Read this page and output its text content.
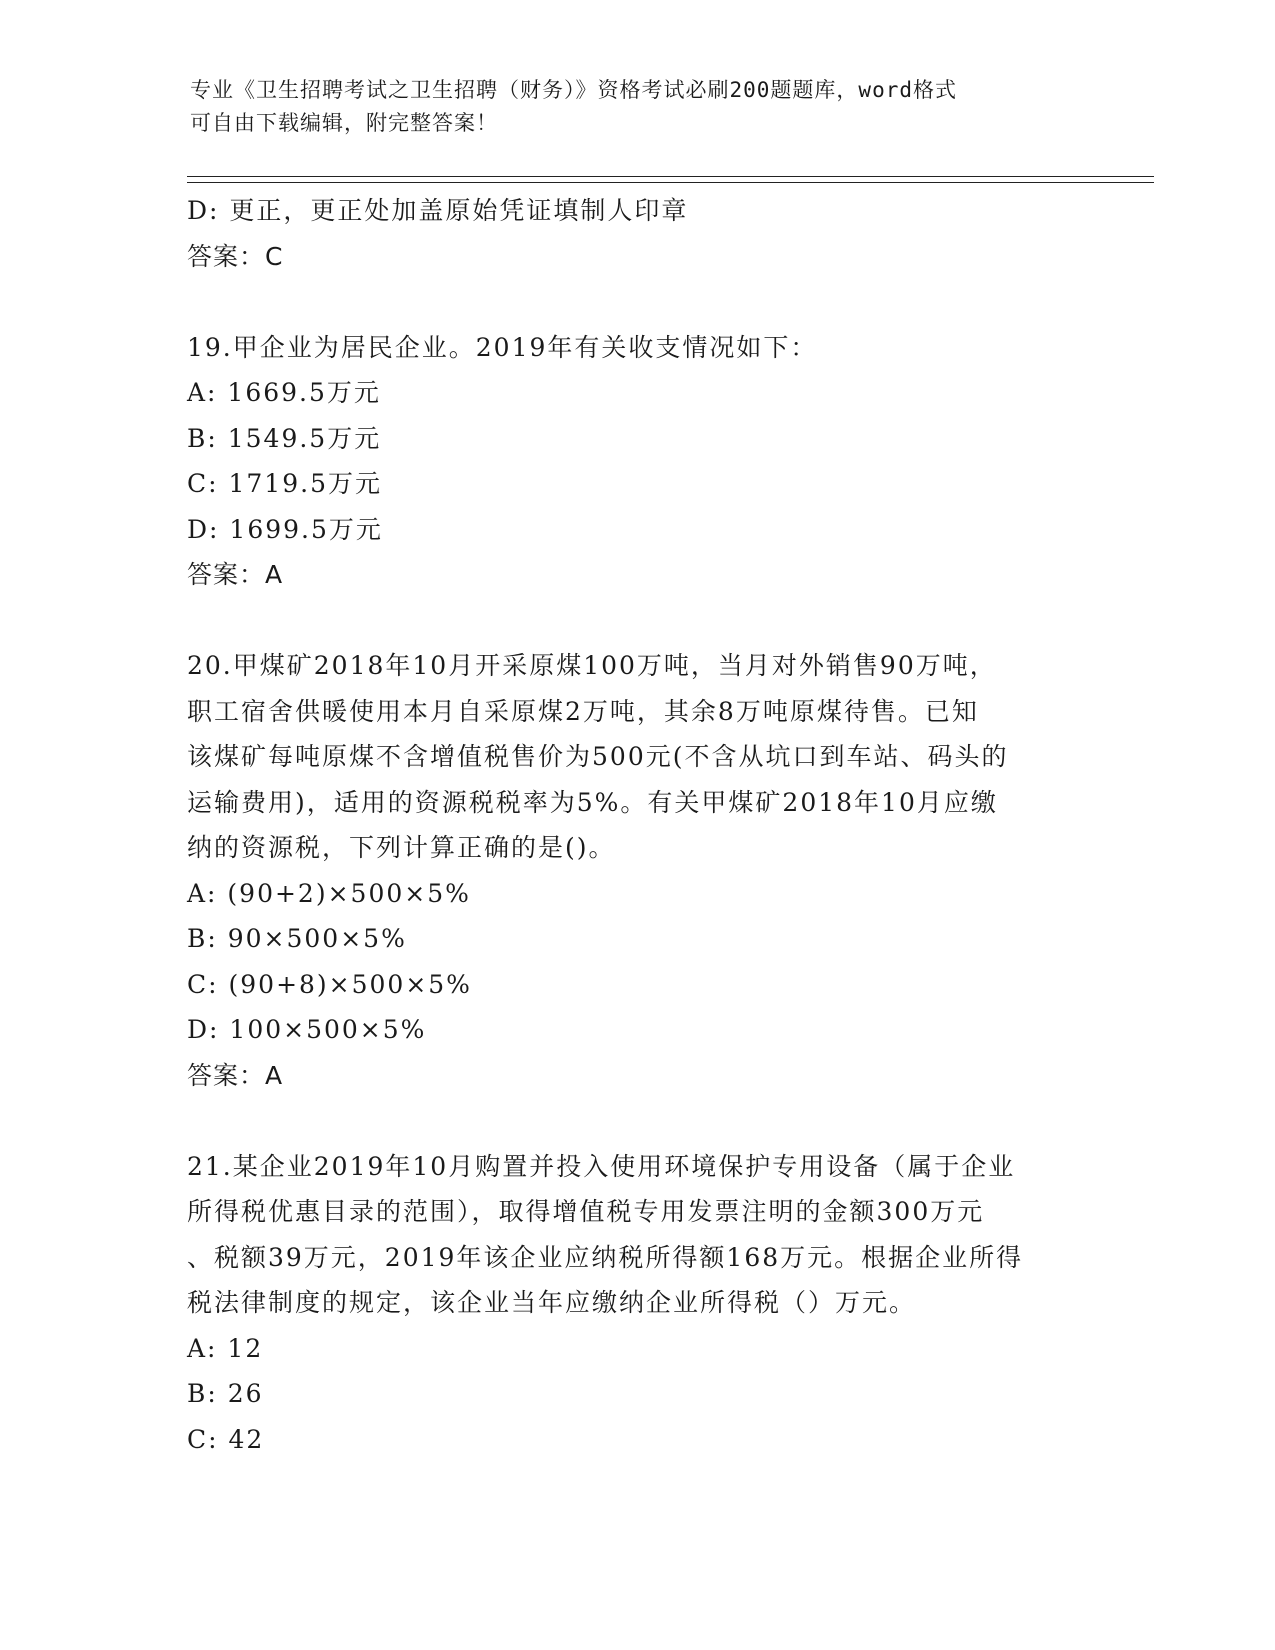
专业《卫生招聘考试之卫生招聘（财务）》资格考试必刷200题题库，word格式
可自由下载编辑，附完整答案！
D: 更正，更正处加盖原始凭证填制人印章
答案：C
19.甲企业为居民企业。2019年有关收支情况如下：
A: 1669.5万元
B: 1549.5万元
C: 1719.5万元
D: 1699.5万元
答案：A
20.甲煤矿2018年10月开采原煤100万吨，当月对外销售90万吨，
职工宿舍供暖使用本月自采原煤2万吨，其余8万吨原煤待售。已知
该煤矿每吨原煤不含增值税售价为500元(不含从坑口到车站、码头的
运输费用)，适用的资源税税率为5%。有关甲煤矿2018年10月应缴
纳的资源税，下列计算正确的是()。
A: (90+2)×500×5%
B: 90×500×5%
C: (90+8)×500×5%
D: 100×500×5%
答案：A
21.某企业2019年10月购置并投入使用环境保护专用设备（属于企业
所得税优惠目录的范围），取得增值税专用发票注明的金额300万元
、税额39万元，2019年该企业应纳税所得额168万元。根据企业所得
税法律制度的规定，该企业当年应缴纳企业所得税（）万元。
A: 12
B: 26
C: 42
